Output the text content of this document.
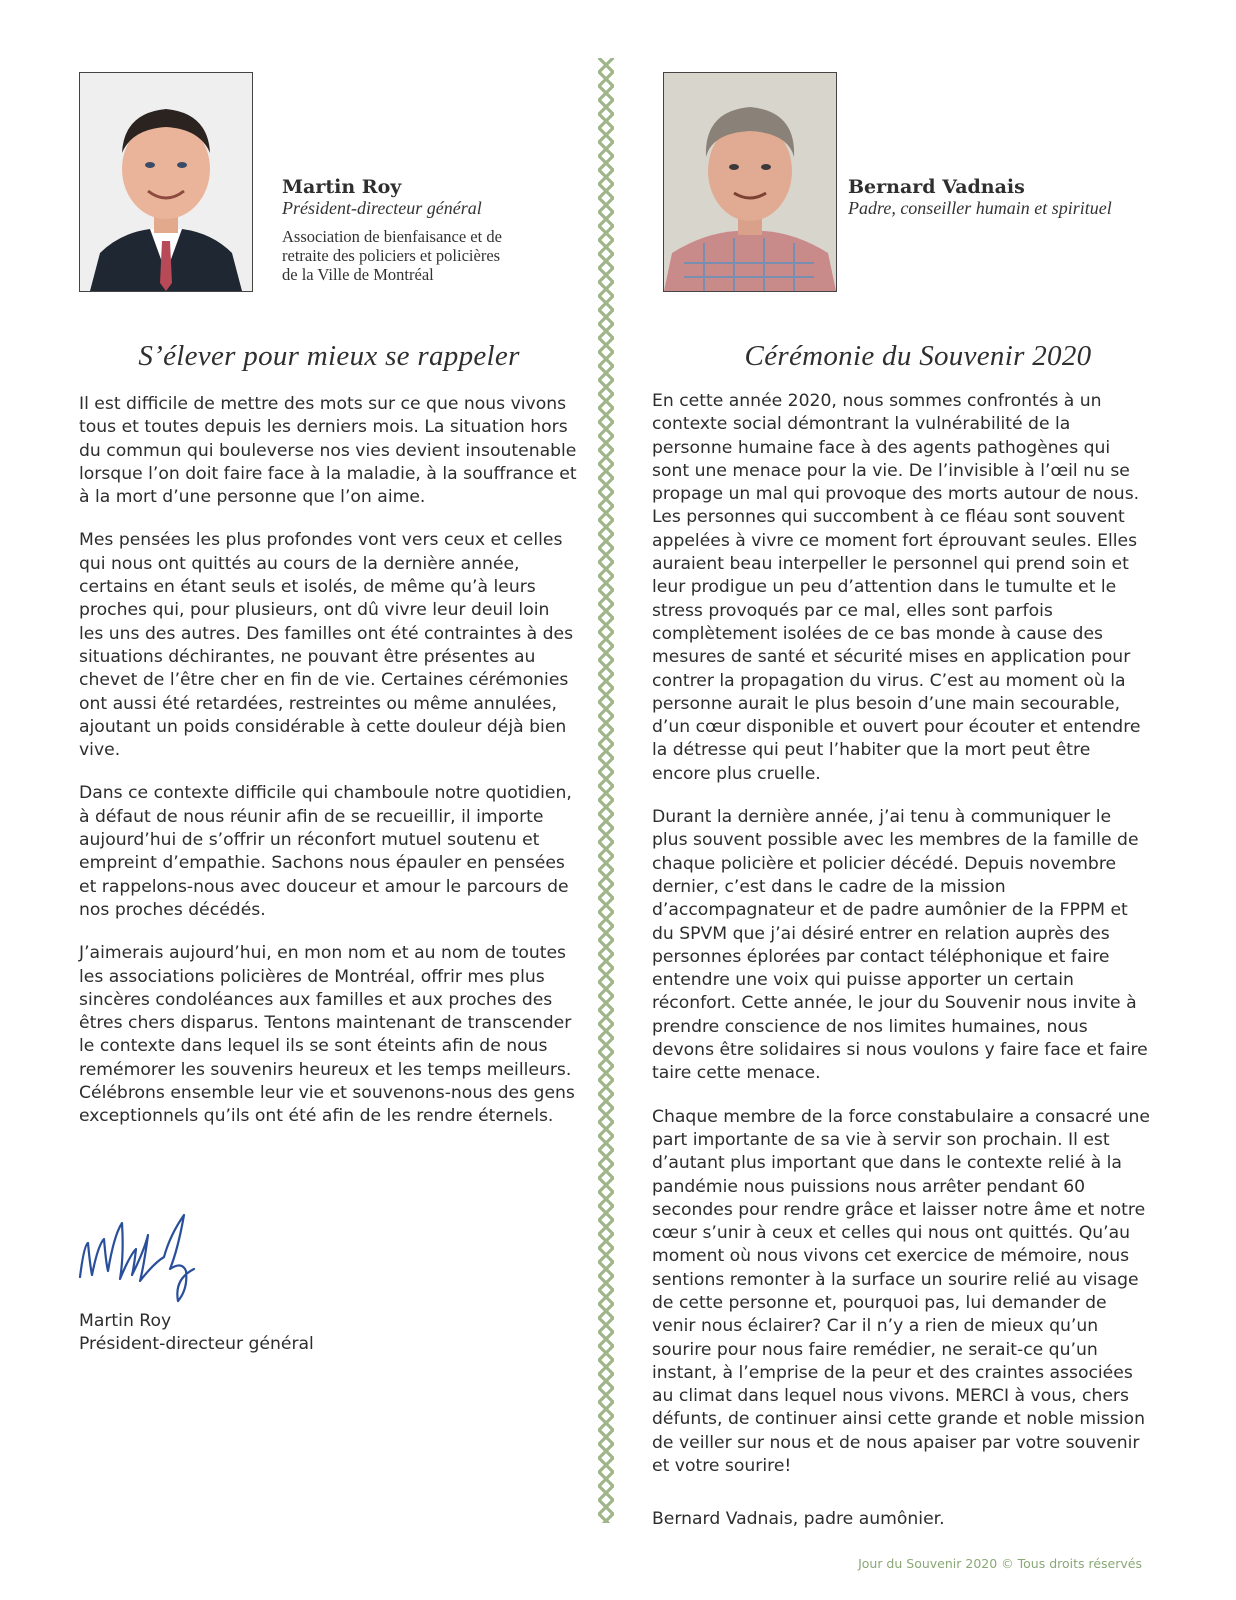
Martin Roy
Président-directeur général
Association de bienfaisance et de
retraite des policiers et policières
de la Ville de Montréal
Bernard Vadnais
Padre, conseiller humain et spirituel
S’élever pour mieux se rappeler	Cérémonie du Souvenir 2020

Il est difficile de mettre des mots sur ce que nous vivons tous et toutes depuis les derniers mois. La situation hors du commun qui bouleverse nos vies devient insoutenable lorsque l’on doit faire face à la maladie, à la souffrance et à la mort d’une personne que l’on aime.

Mes pensées les plus profondes vont vers ceux et celles qui nous ont quittés au cours de la dernière année, certains en étant seuls et isolés, de même qu’à leurs proches qui, pour plusieurs, ont dû vivre leur deuil loin les uns des autres. Des familles ont été contraintes à des situations déchirantes, ne pouvant être présentes au chevet de l’être cher en fin de vie. Certaines cérémonies ont aussi été retardées, restreintes ou même annulées, ajoutant un poids considérable à cette douleur déjà bien vive.

Dans ce contexte difficile qui chamboule notre quotidien, à défaut de nous réunir afin de se recueillir, il importe aujourd’hui de s’offrir un réconfort mutuel soutenu et empreint d’empathie. Sachons nous épauler en pensées et rappelons-nous avec douceur et amour le parcours de nos proches décédés.

J’aimerais aujourd’hui, en mon nom et au nom de toutes les associations policières de Montréal, offrir mes plus sincères condoléances aux familles et aux proches des êtres chers disparus. Tentons maintenant de transcender le contexte dans lequel ils se sont éteints afin de nous remémorer les souvenirs heureux et les temps meilleurs. Célébrons ensemble leur vie et souvenons-nous des gens exceptionnels qu’ils ont été afin de les rendre éternels.

Martin Roy
Président-directeur général

En cette année 2020, nous sommes confrontés à un contexte social démontrant la vulnérabilité de la personne humaine face à des agents pathogènes qui sont une menace pour la vie. De l’invisible à l’œil nu se propage un mal qui provoque des morts autour de nous. Les personnes qui succombent à ce fléau sont souvent appelées à vivre ce moment fort éprouvant seules. Elles auraient beau interpeller le personnel qui prend soin et leur prodigue un peu d’attention dans le tumulte et le stress provoqués par ce mal, elles sont parfois complètement isolées de ce bas monde à cause des mesures de santé et sécurité mises en application pour contrer la propagation du virus. C’est au moment où la personne aurait le plus besoin d’une main secourable, d’un cœur disponible et ouvert pour écouter et entendre la détresse qui peut l’habiter que la mort peut être encore plus cruelle.

Durant la dernière année, j’ai tenu à communiquer le plus souvent possible avec les membres de la famille de chaque policière et policier décédé. Depuis novembre dernier, c’est dans le cadre de la mission d’accompagnateur et de padre aumônier de la FPPM et du SPVM que j’ai désiré entrer en relation auprès des personnes éplorées par contact téléphonique et faire entendre une voix qui puisse apporter un certain réconfort. Cette année, le jour du Souvenir nous invite à prendre conscience de nos limites humaines, nous devons être solidaires si nous voulons y faire face et faire taire cette menace.

Chaque membre de la force constabulaire a consacré une part importante de sa vie à servir son prochain. Il est d’autant plus important que dans le contexte relié à la pandémie nous puissions nous arrêter pendant 60 secondes pour rendre grâce et laisser notre âme et notre cœur s’unir à ceux et celles qui nous ont quittés. Qu’au moment où nous vivons cet exercice de mémoire, nous sentions remonter à la surface un sourire relié au visage de cette personne et, pourquoi pas, lui demander de venir nous éclairer? Car il n’y a rien de mieux qu’un sourire pour nous faire remédier, ne serait-ce qu’un instant, à l’emprise de la peur et des craintes associées au climat dans lequel nous vivons. MERCI à vous, chers défunts, de continuer ainsi cette grande et noble mission de veiller sur nous et de nous apaiser par votre souvenir et votre sourire!

Bernard Vadnais, padre aumônier.

Jour du Souvenir 2020 © Tous droits réservés
